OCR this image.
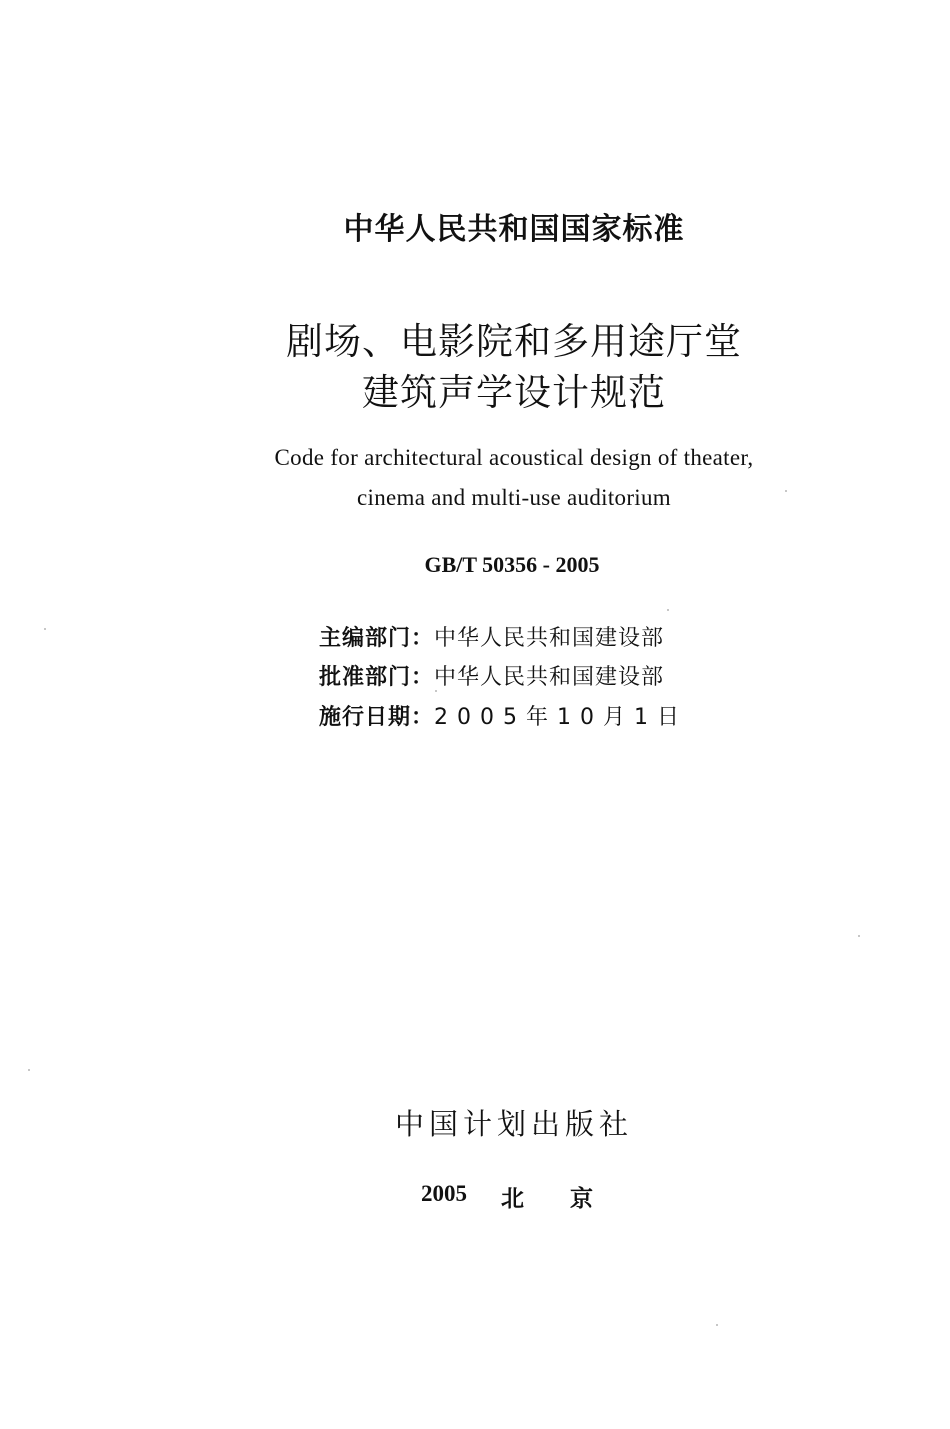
中华人民共和国国家标准
剧场、电影院和多用途厅堂
建筑声学设计规范
Code for architectural acoustical design of theater,
cinema and multi-use auditorium
GB/T 50356 - 2005
主编部门：中华人民共和国建设部
批准部门：中华人民共和国建设部
施行日期：2005年10月1日
中国计划出版社
2005 北京
